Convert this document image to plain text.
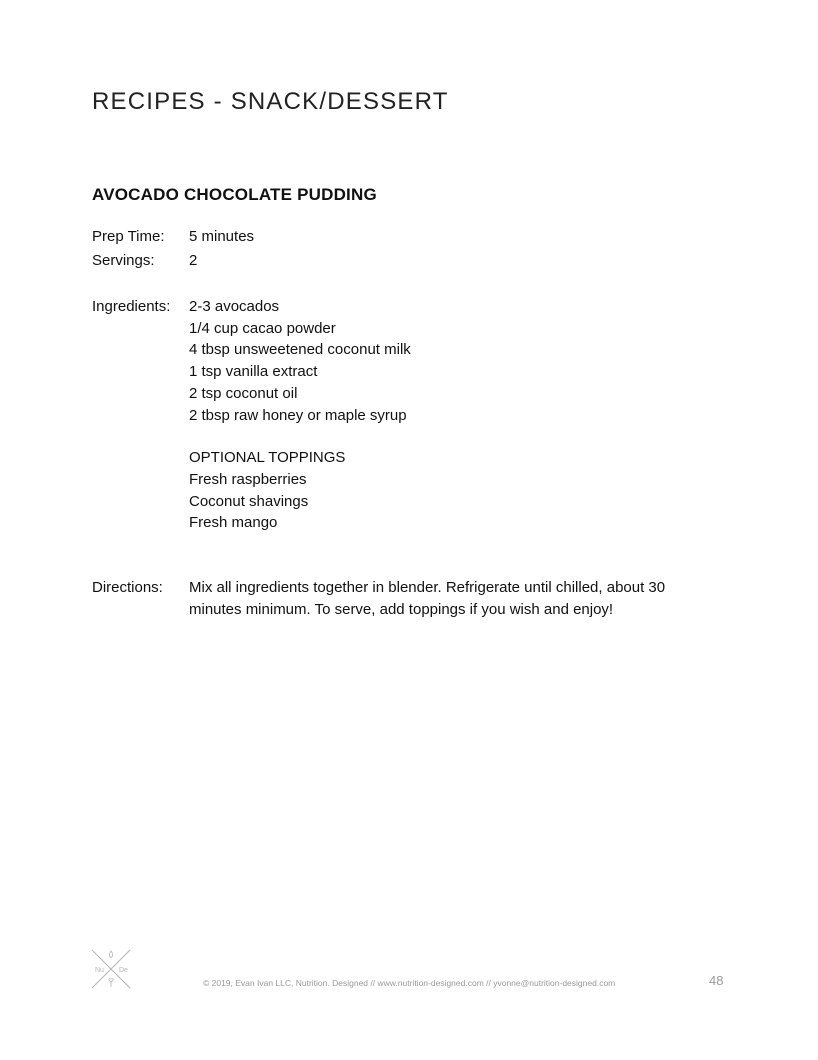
RECIPES - SNACK/DESSERT
AVOCADO CHOCOLATE PUDDING
Prep Time:	5 minutes
Servings:	2
Ingredients:	2-3 avocados
1/4 cup cacao powder
4 tbsp unsweetened coconut milk
1 tsp vanilla extract
2 tsp coconut oil
2 tbsp raw honey or maple syrup
OPTIONAL TOPPINGS
Fresh raspberries
Coconut shavings
Fresh mango
Directions:	Mix all ingredients together in blender. Refrigerate until chilled, about 30 minutes minimum. To serve, add toppings if you wish and enjoy!
Nu De
© 2019, Evan Ivan LLC, Nutrition. Designed // www.nutrition-designed.com // yvonne@nutrition-designed.com	48
